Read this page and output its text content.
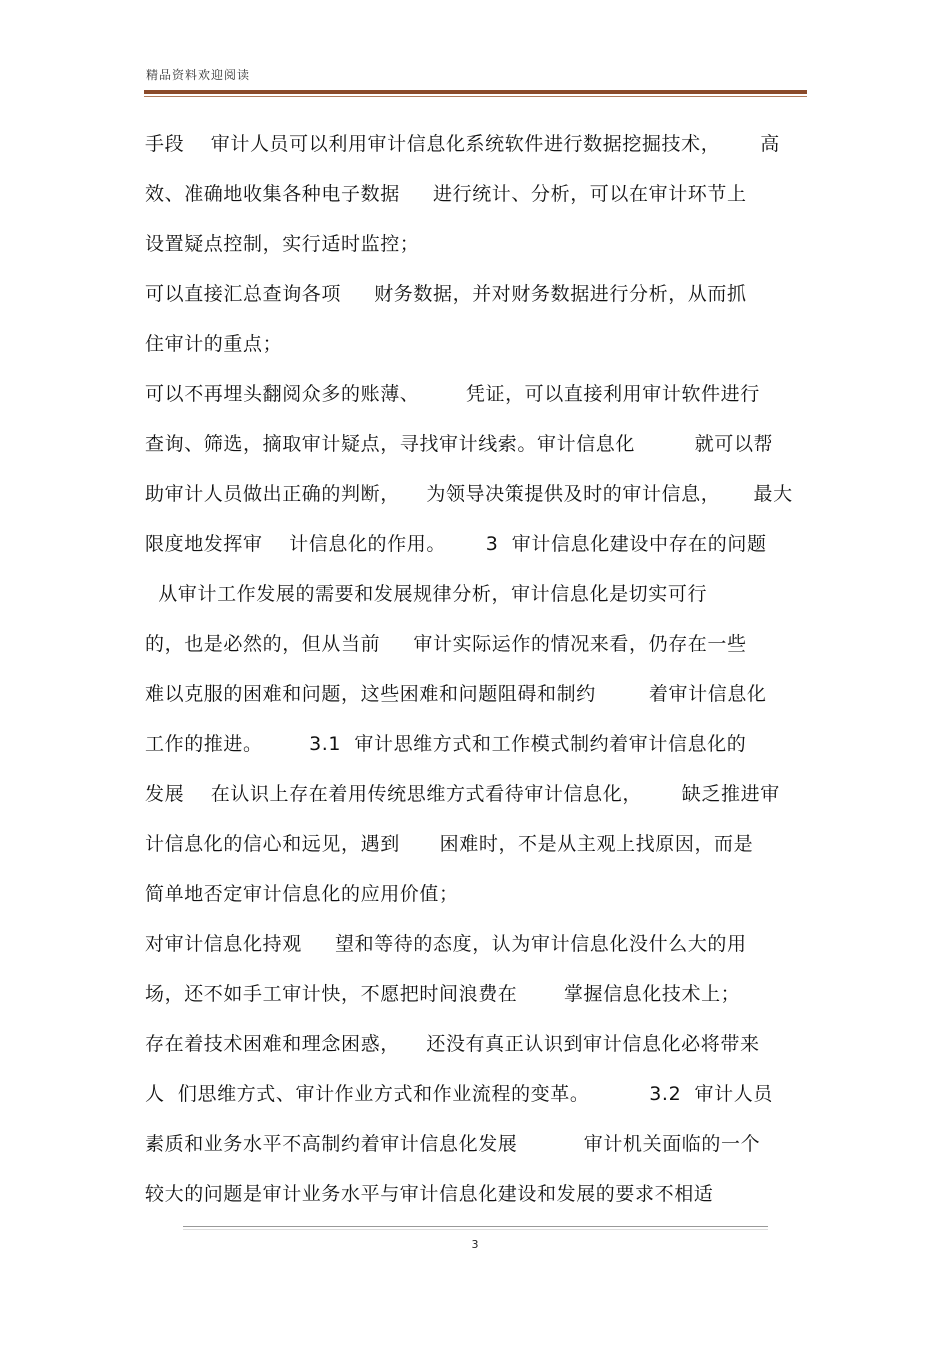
精品资料欢迎阅读
手段    审计人员可以利用审计信息化系统软件进行数据挖掘技术，      高
效、准确地收集各种电子数据     进行统计、分析，可以在审计环节上
设置疑点控制，实行适时监控；
可以直接汇总查询各项     财务数据，并对财务数据进行分析，从而抓
住审计的重点；
可以不再埋头翻阅众多的账薄、       凭证，可以直接利用审计软件进行
查询、筛选，摘取审计疑点，寻找审计线索。审计信息化         就可以帮
助审计人员做出正确的判断，    为领导决策提供及时的审计信息，     最大
限度地发挥审    计信息化的作用。      3  审计信息化建设中存在的问题
从审计工作发展的需要和发展规律分析，审计信息化是切实可行
的，也是必然的，但从当前     审计实际运作的情况来看，仍存在一些
难以克服的困难和问题，这些困难和问题阻碍和制约        着审计信息化
工作的推进。       3.1  审计思维方式和工作模式制约着审计信息化的
发展    在认识上存在着用传统思维方式看待审计信息化，      缺乏推进审
计信息化的信心和远见，遇到      困难时，不是从主观上找原因，而是
简单地否定审计信息化的应用价值；
对审计信息化持观     望和等待的态度，认为审计信息化没什么大的用
场，还不如手工审计快，不愿把时间浪费在       掌握信息化技术上；
存在着技术困难和理念困惑，    还没有真正认识到审计信息化必将带来
人  们思维方式、审计作业方式和作业流程的变革。         3.2  审计人员
素质和业务水平不高制约着审计信息化发展          审计机关面临的一个
较大的问题是审计业务水平与审计信息化建设和发展的要求不相适
3
